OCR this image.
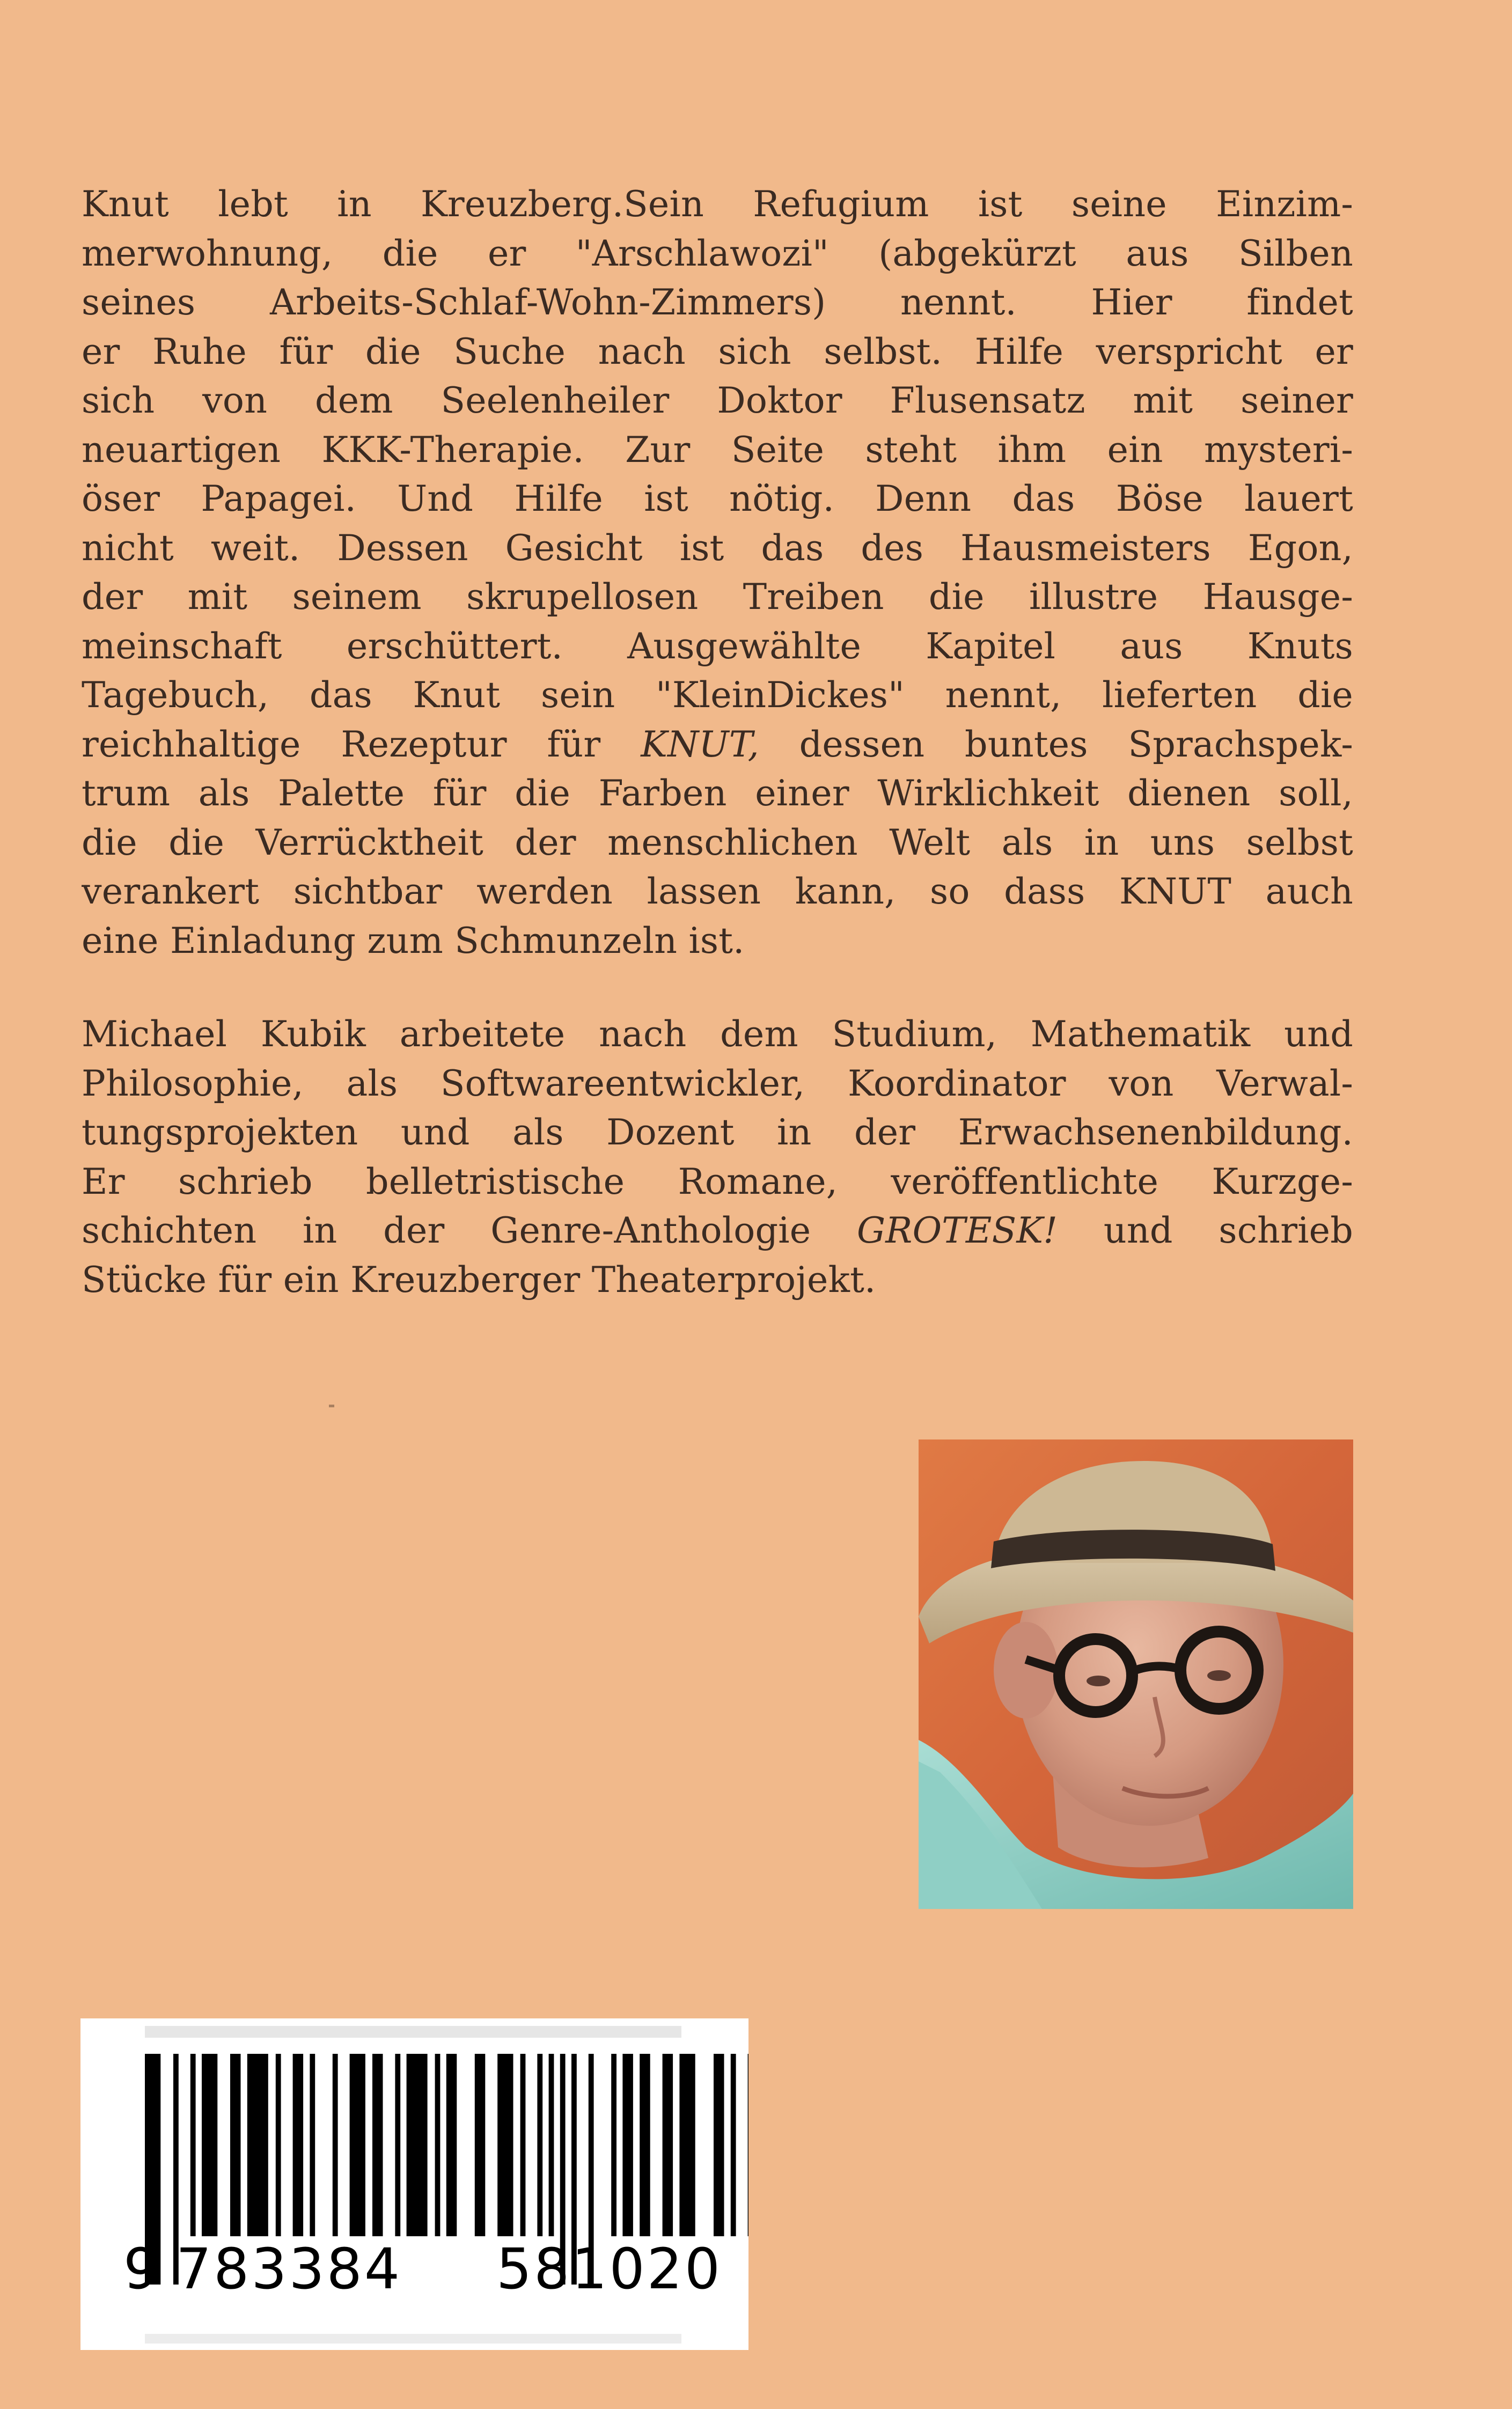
Knut lebt in Kreuzberg.Sein Refugium ist seine Einzim-
merwohnung, die er "Arschlawozi" (abgekürzt aus Silben
seines Arbeits-Schlaf-Wohn-Zimmers) nennt. Hier findet
er Ruhe für die Suche nach sich selbst. Hilfe verspricht er
sich von dem Seelenheiler Doktor Flusensatz mit seiner
neuartigen KKK-Therapie. Zur Seite steht ihm ein mysteri-
öser Papagei. Und Hilfe ist nötig. Denn das Böse lauert
nicht weit. Dessen Gesicht ist das des Hausmeisters Egon,
der mit seinem skrupellosen Treiben die illustre Hausge-
meinschaft erschüttert. Ausgewählte Kapitel aus Knuts
Tagebuch, das Knut sein "KleinDickes" nennt, lieferten die
reichhaltige Rezeptur für KNUT, dessen buntes Sprachspek-
trum als Palette für die Farben einer Wirklichkeit dienen soll,
die die Verrücktheit der menschlichen Welt als in uns selbst
verankert sichtbar werden lassen kann, so dass KNUT auch
eine Einladung zum Schmunzeln ist.
Michael Kubik arbeitete nach dem Studium, Mathematik und
Philosophie, als Softwareentwickler, Koordinator von Verwal-
tungsprojekten und als Dozent in der Erwachsenenbildung.
Er schrieb belletristische Romane, veröffentlichte Kurzge-
schichten in der Genre-Anthologie GROTESK! und schrieb
Stücke für ein Kreuzberger Theaterprojekt.
9 783384 581020
